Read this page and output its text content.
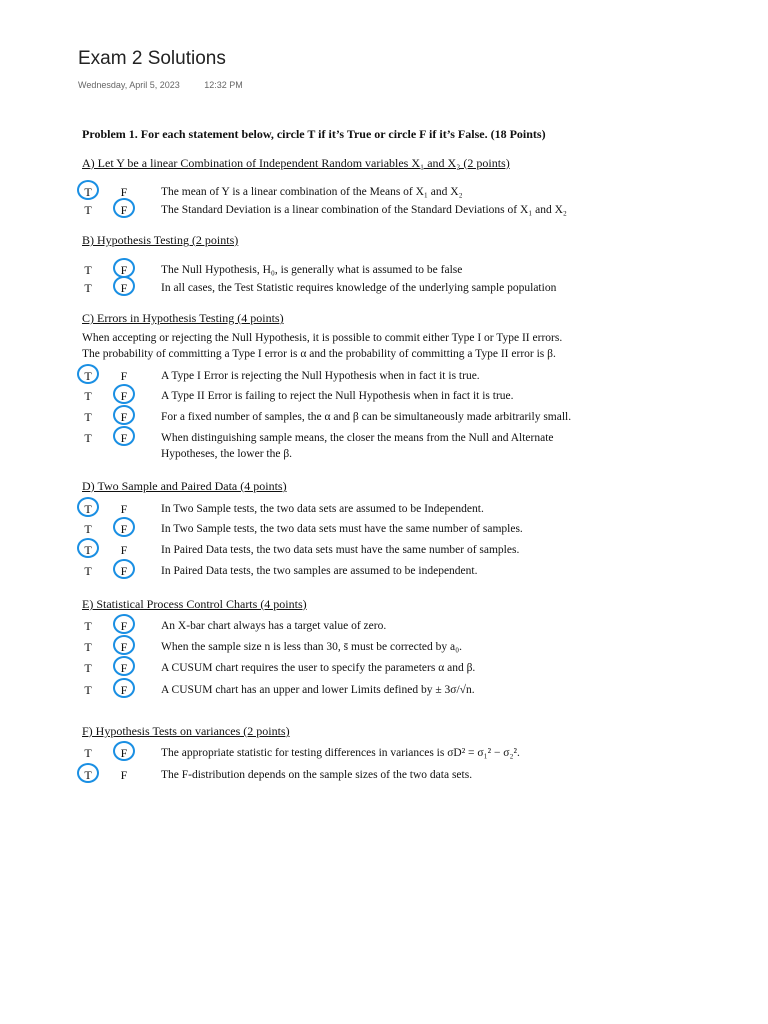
Exam 2 Solutions
Wednesday, April 5, 2023	12:32 PM
Problem 1. For each statement below, circle T if it’s True or circle F if it’s False. (18 Points)
A) Let Y be a linear Combination of Independent Random variables X₁ and X₂ (2 points)
T	F	The mean of Y is a linear combination of the Means of X₁ and X₂
T	F	The Standard Deviation is a linear combination of the Standard Deviations of X₁ and X₂
B) Hypothesis Testing (2 points)
T	F	The Null Hypothesis, H₀, is generally what is assumed to be false
T	F	In all cases, the Test Statistic requires knowledge of the underlying sample population
C) Errors in Hypothesis Testing (4 points)
When accepting or rejecting the Null Hypothesis, it is possible to commit either Type I or Type II errors.
The probability of committing a Type I error is α and the probability of committing a Type II error is β.
T	F	A Type I Error is rejecting the Null Hypothesis when in fact it is true.
T	F	A Type II Error is failing to reject the Null Hypothesis when in fact it is true.
T	F	For a fixed number of samples, the α and β can be simultaneously made arbitrarily small.
T	F	When distinguishing sample means, the closer the means from the Null and Alternate
Hypotheses, the lower the β.
D) Two Sample and Paired Data (4 points)
T	F	In Two Sample tests, the two data sets are assumed to be Independent.
T	F	In Two Sample tests, the two data sets must have the same number of samples.
T	F	In Paired Data tests, the two data sets must have the same number of samples.
T	F	In Paired Data tests, the two samples are assumed to be independent.
E) Statistical Process Control Charts (4 points)
T	F	An X-bar chart always has a target value of zero.
T	F	When the sample size n is less than 30, s̄ must be corrected by a₀.
T	F	A CUSUM chart requires the user to specify the parameters α and β.
T	F	A CUSUM chart has an upper and lower Limits defined by ± 3σ/√n.
F) Hypothesis Tests on variances (2 points)
T	F	The appropriate statistic for testing differences in variances is σD² = σ₁² − σ₂².
T	F	The F-distribution depends on the sample sizes of the two data sets.
